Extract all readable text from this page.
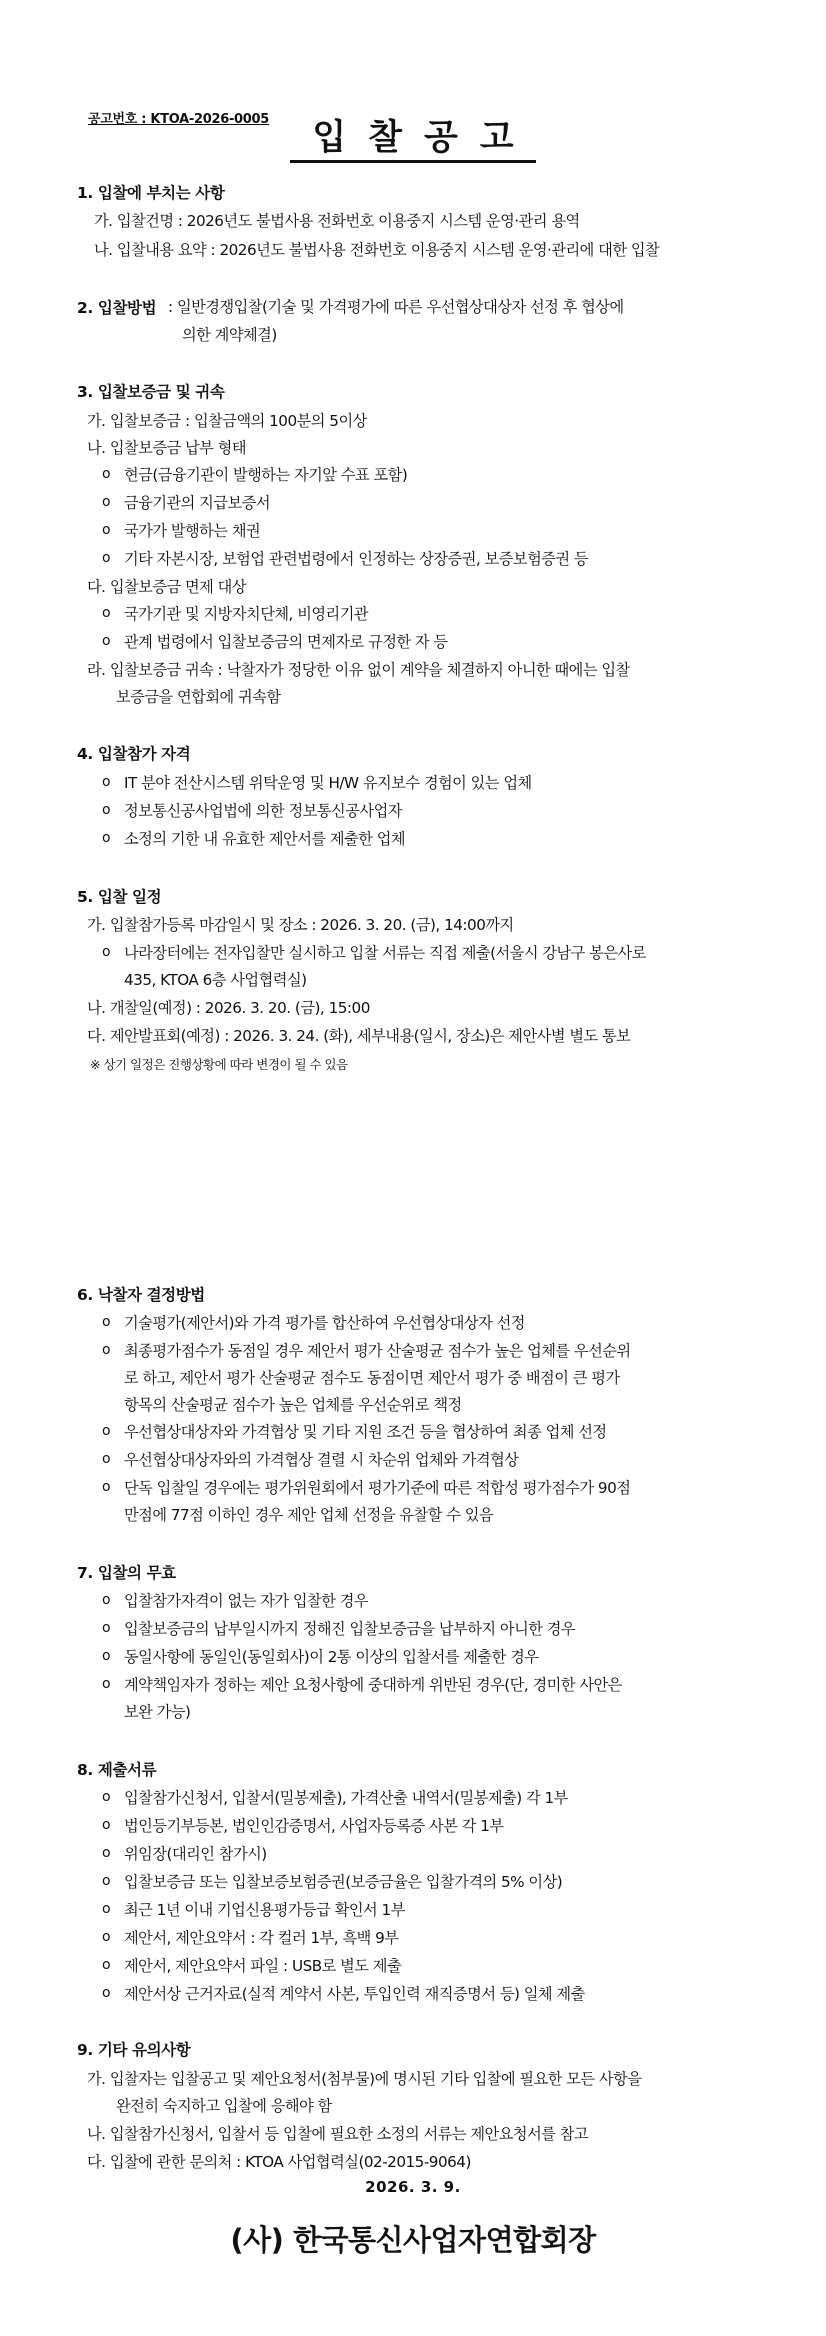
공고번호 : KTOA-2026-0005	입찰공고
1. 입찰에 부치는 사항
가. 입찰건명 : 2026년도 불법사용 전화번호 이용중지 시스템 운영·관리 용역
나. 입찰내용 요약 : 2026년도 불법사용 전화번호 이용중지 시스템 운영·관리에 대한 입찰
2. 입찰방법 : 일반경쟁입찰(기술 및 가격평가에 따른 우선협상대상자 선정 후 협상에
의한 계약체결)
3. 입찰보증금 및 귀속
가. 입찰보증금 : 입찰금액의 100분의 5이상
나. 입찰보증금 납부 형태
o 현금(금융기관이 발행하는 자기앞 수표 포함)
o 금융기관의 지급보증서
o 국가가 발행하는 채권
o 기타 자본시장, 보험업 관련법령에서 인정하는 상장증권, 보증보험증권 등
다. 입찰보증금 면제 대상
o 국가기관 및 지방자치단체, 비영리기관
o 관계 법령에서 입찰보증금의 면제자로 규정한 자 등
라. 입찰보증금 귀속 : 낙찰자가 정당한 이유 없이 계약을 체결하지 아니한 때에는 입찰
보증금을 연합회에 귀속함
4. 입찰참가 자격
o IT 분야 전산시스템 위탁운영 및 H/W 유지보수 경험이 있는 업체
o 정보통신공사업법에 의한 정보통신공사업자
o 소정의 기한 내 유효한 제안서를 제출한 업체
5. 입찰 일정
가. 입찰참가등록 마감일시 및 장소 : 2026. 3. 20. (금), 14:00까지
o 나라장터에는 전자입찰만 실시하고 입찰 서류는 직접 제출(서울시 강남구 봉은사로
435, KTOA 6층 사업협력실)
나. 개찰일(예정) : 2026. 3. 20. (금), 15:00
다. 제안발표회(예정) : 2026. 3. 24. (화), 세부내용(일시, 장소)은 제안사별 별도 통보
※ 상기 일정은 진행상황에 따라 변경이 될 수 있음
6. 낙찰자 결정방법
o 기술평가(제안서)와 가격 평가를 합산하여 우선협상대상자 선정
o 최종평가점수가 동점일 경우 제안서 평가 산술평균 점수가 높은 업체를 우선순위
로 하고, 제안서 평가 산술평균 점수도 동점이면 제안서 평가 중 배점이 큰 평가
항목의 산술평균 점수가 높은 업체를 우선순위로 책정
o 우선협상대상자와 가격협상 및 기타 지원 조건 등을 협상하여 최종 업체 선정
o 우선협상대상자와의 가격협상 결렬 시 차순위 업체와 가격협상
o 단독 입찰일 경우에는 평가위원회에서 평가기준에 따른 적합성 평가점수가 90점
만점에 77점 이하인 경우 제안 업체 선정을 유찰할 수 있음
7. 입찰의 무효
o 입찰참가자격이 없는 자가 입찰한 경우
o 입찰보증금의 납부일시까지 정해진 입찰보증금을 납부하지 아니한 경우
o 동일사항에 동일인(동일회사)이 2통 이상의 입찰서를 제출한 경우
o 계약책임자가 정하는 제안 요청사항에 중대하게 위반된 경우(단, 경미한 사안은
보완 가능)
8. 제출서류
o 입찰참가신청서, 입찰서(밀봉제출), 가격산출 내역서(밀봉제출) 각 1부
o 법인등기부등본, 법인인감증명서, 사업자등록증 사본 각 1부
o 위임장(대리인 참가시)
o 입찰보증금 또는 입찰보증보험증권(보증금율은 입찰가격의 5% 이상)
o 최근 1년 이내 기업신용평가등급 확인서 1부
o 제안서, 제안요약서 : 각 컬러 1부, 흑백 9부
o 제안서, 제안요약서 파일 : USB로 별도 제출
o 제안서상 근거자료(실적 계약서 사본, 투입인력 재직증명서 등) 일체 제출
9. 기타 유의사항
가. 입찰자는 입찰공고 및 제안요청서(첨부물)에 명시된 기타 입찰에 필요한 모든 사항을
완전히 숙지하고 입찰에 응해야 함
나. 입찰참가신청서, 입찰서 등 입찰에 필요한 소정의 서류는 제안요청서를 참고
다. 입찰에 관한 문의처 : KTOA 사업협력실(02-2015-9064)
2026. 3. 9.
(사) 한국통신사업자연합회장
